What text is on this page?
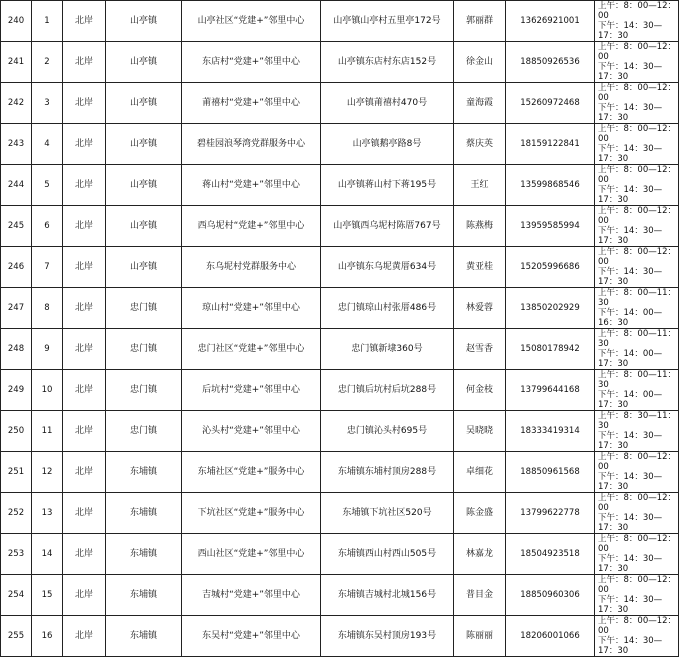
240	1	北岸	山亭镇	山亭社区“党建+”邻里中心	山亭镇山亭村五里亭172号	郭丽群	13626921001	上午：8：00—12：00
下午：14：30—17：30

241	2	北岸	山亭镇	东店村“党建+”邻里中心	山亭镇东店村东店152号	徐金山	18850926536	上午：8：00—12：00
下午：14：30—17：30

242	3	北岸	山亭镇	莆禧村“党建+”邻里中心	山亭镇莆禧村470号	童海霞	15260972468	上午：8：00—12：00
下午：14：30—17：30

243	4	北岸	山亭镇	碧桂园浪琴湾党群服务中心	山亭镇鹅亭路8号	蔡庆英	18159122841	上午：8：00—12：00
下午：14：30—17：30

244	5	北岸	山亭镇	蒋山村“党建+”邻里中心	山亭镇蒋山村下蒋195号	王红	13599868546	上午：8：00—12：00
下午：14：30—17：30

245	6	北岸	山亭镇	西乌坭村“党建+”邻里中心	山亭镇西乌坭村陈厝767号	陈燕梅	13959585994	上午：8：00—12：00
下午：14：30—17：30

246	7	北岸	山亭镇	东乌坭村党群服务中心	山亭镇东乌坭黄厝634号	黄亚桂	15205996686	上午：8：00—12：00
下午：14：30—17：30

247	8	北岸	忠门镇	琼山村“党建+”邻里中心	忠门镇琼山村张厝486号	林爱蓉	13850202929	上午：8：00—11：30
下午：14：00—16：30

248	9	北岸	忠门镇	忠门社区“党建+”邻里中心	忠门镇新埭360号	赵雪香	15080178942	上午：8：00—11：30
下午：14：00—17：30

249	10	北岸	忠门镇	后坑村“党建+”邻里中心	忠门镇后坑村后坑288号	何金枝	13799644168	上午：8：00—11：30
下午：14：00—17：30

250	11	北岸	忠门镇	沁头村“党建+”邻里中心	忠门镇沁头村695号	吴晓晓	18333419314	上午：8：30—11：30
下午：14：30—17：30

251	12	北岸	东埔镇	东埔社区“党建+”服务中心	东埔镇东埔村顶房288号	卓细花	18850961568	上午：8：00—12：00
下午：14：30—17：30

252	13	北岸	东埔镇	下坑社区“党建+”服务中心	东埔镇下坑社区520号	陈金盛	13799622778	上午：8：00—12：00
下午：14：30—17：30

253	14	北岸	东埔镇	西山社区“党建+”邻里中心	东埔镇西山村西山505号	林嘉龙	18504923518	上午：8：00—12：00
下午：14：30—17：30

254	15	北岸	东埔镇	吉城村“党建+”邻里中心	东埔镇吉城村北城156号	普目金	18850960306	上午：8：00—12：00
下午：14：30—17：30

255	16	北岸	东埔镇	东吴村“党建+”邻里中心	东埔镇东吴村顶房193号	陈丽丽	18206001066	上午：8：00—12：00
下午：14：30—17：30
